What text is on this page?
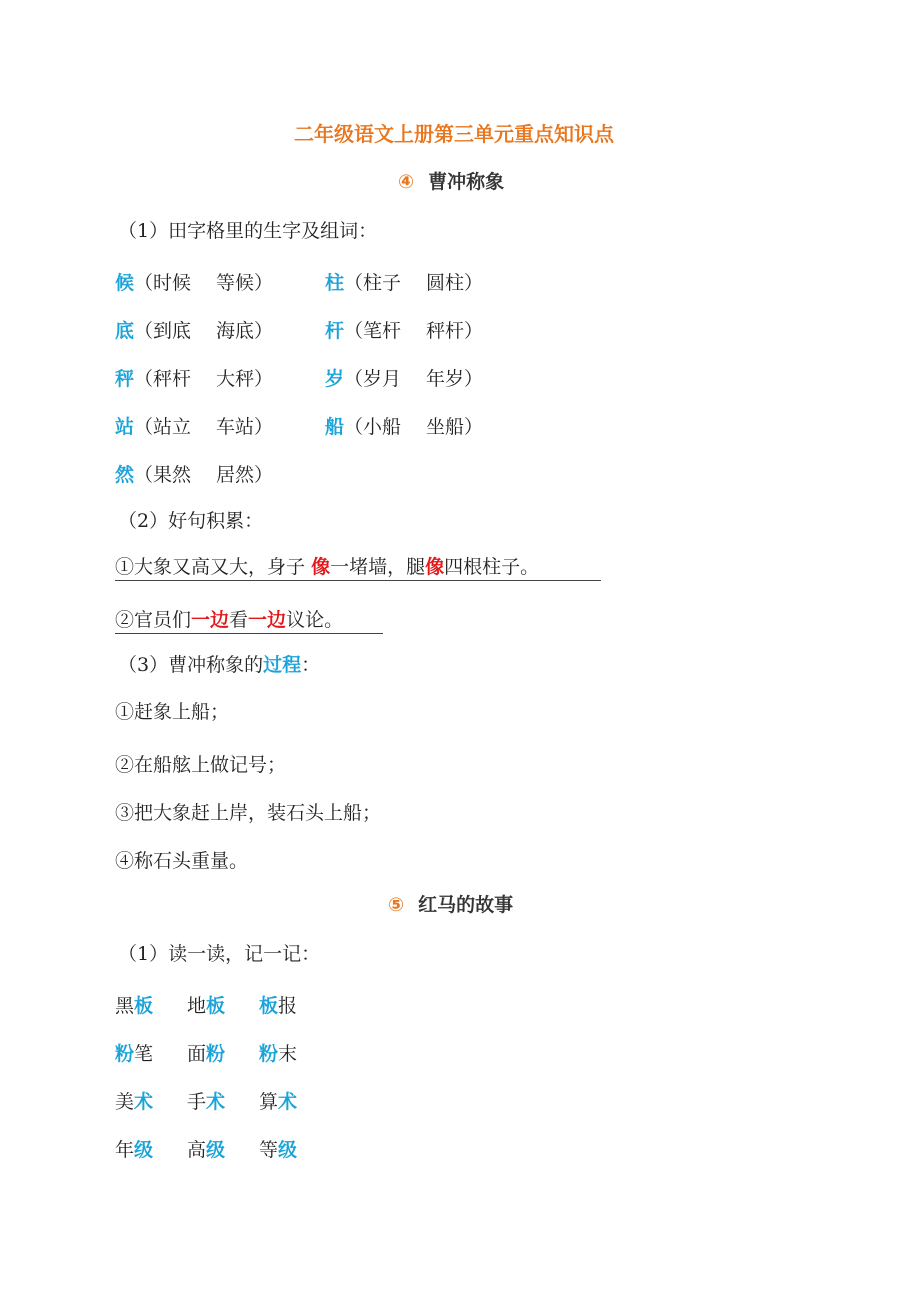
二年级语文上册第三单元重点知识点
④ 曹冲称象
（1）田字格里的生字及组词：
候（时候　 等候）	柱（柱子　 圆柱）
底（到底　 海底）	杆（笔杆　 秤杆）
秤（秤杆　 大秤）	岁（岁月　 年岁）
站（站立　 车站）	船（小船　 坐船）
然（果然　 居然）
（2）好句积累：
①大象又高又大，身子 像一堵墙，腿像四根柱子。
②官员们一边看一边议论。
（3）曹冲称象的过程：
①赶象上船；
②在船舷上做记号；
③把大象赶上岸，装石头上船；
④称石头重量。
⑤ 红马的故事
（1）读一读，记一记：
黑板 地板 板报
粉笔 面粉 粉末
美术 手术 算术
年级 高级 等级
